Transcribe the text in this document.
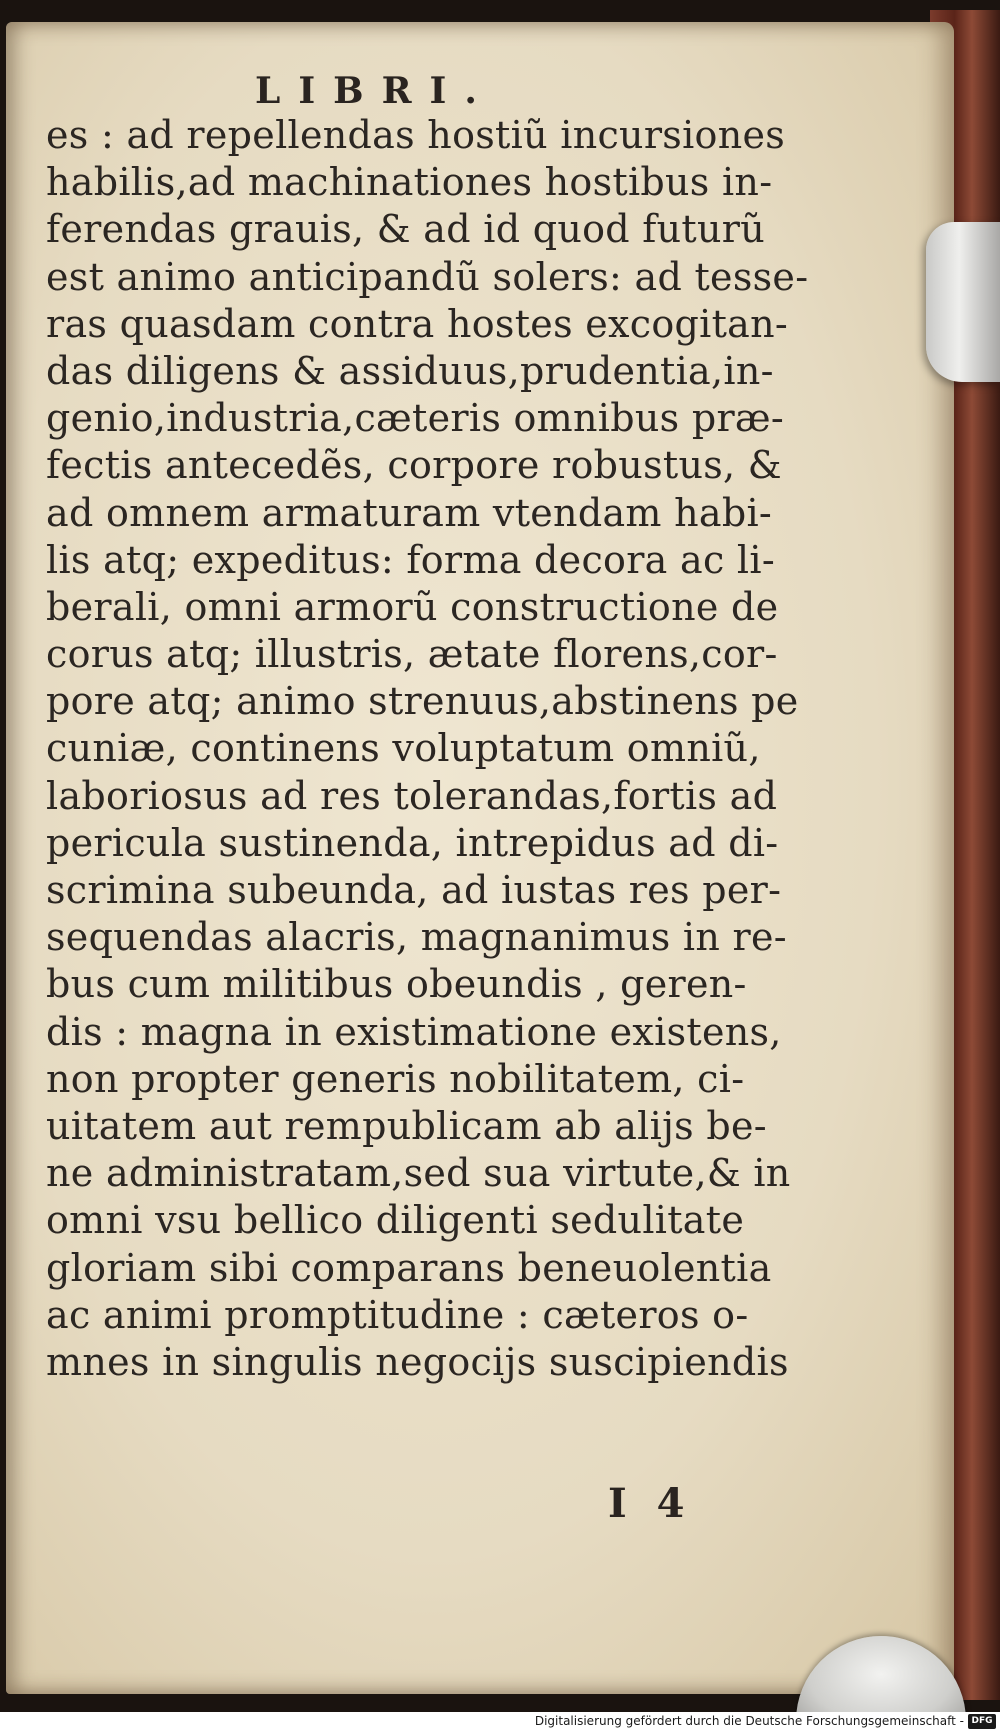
LIBRI.
es : ad repellendas hostiũ incursiones
habilis,ad machinationes hostibus in-
ferendas grauis, & ad id quod futurũ
est animo anticipandũ solers: ad tesse-
ras quasdam contra hostes excogitan-
das diligens & assiduus,prudentia,in-
genio,industria,cæteris omnibus præ-
fectis antecedẽs, corpore robustus, &
ad omnem armaturam vtendam habi-
lis atq; expeditus: forma decora ac li-
berali, omni armorũ constructione de
corus atq; illustris, ætate florens,cor-
pore atq; animo strenuus,abstinens pe
cuniæ, continens voluptatum omniũ,
laboriosus ad res tolerandas,fortis ad
pericula sustinenda, intrepidus ad di-
scrimina subeunda, ad iustas res per-
sequendas alacris, magnanimus in re-
bus cum militibus obeundis , geren-
dis : magna in existimatione existens,
non propter generis nobilitatem, ci-
uitatem aut rempublicam ab alijs be-
ne administratam,sed sua virtute,& in
omni vsu bellico diligenti sedulitate
gloriam sibi comparans beneuolentia
ac animi promptitudine : cæteros o-
mnes in singulis negocijs suscipiendis
I 4
Digitalisierung gefördert durch die Deutsche Forschungsgemeinschaft - DFG
